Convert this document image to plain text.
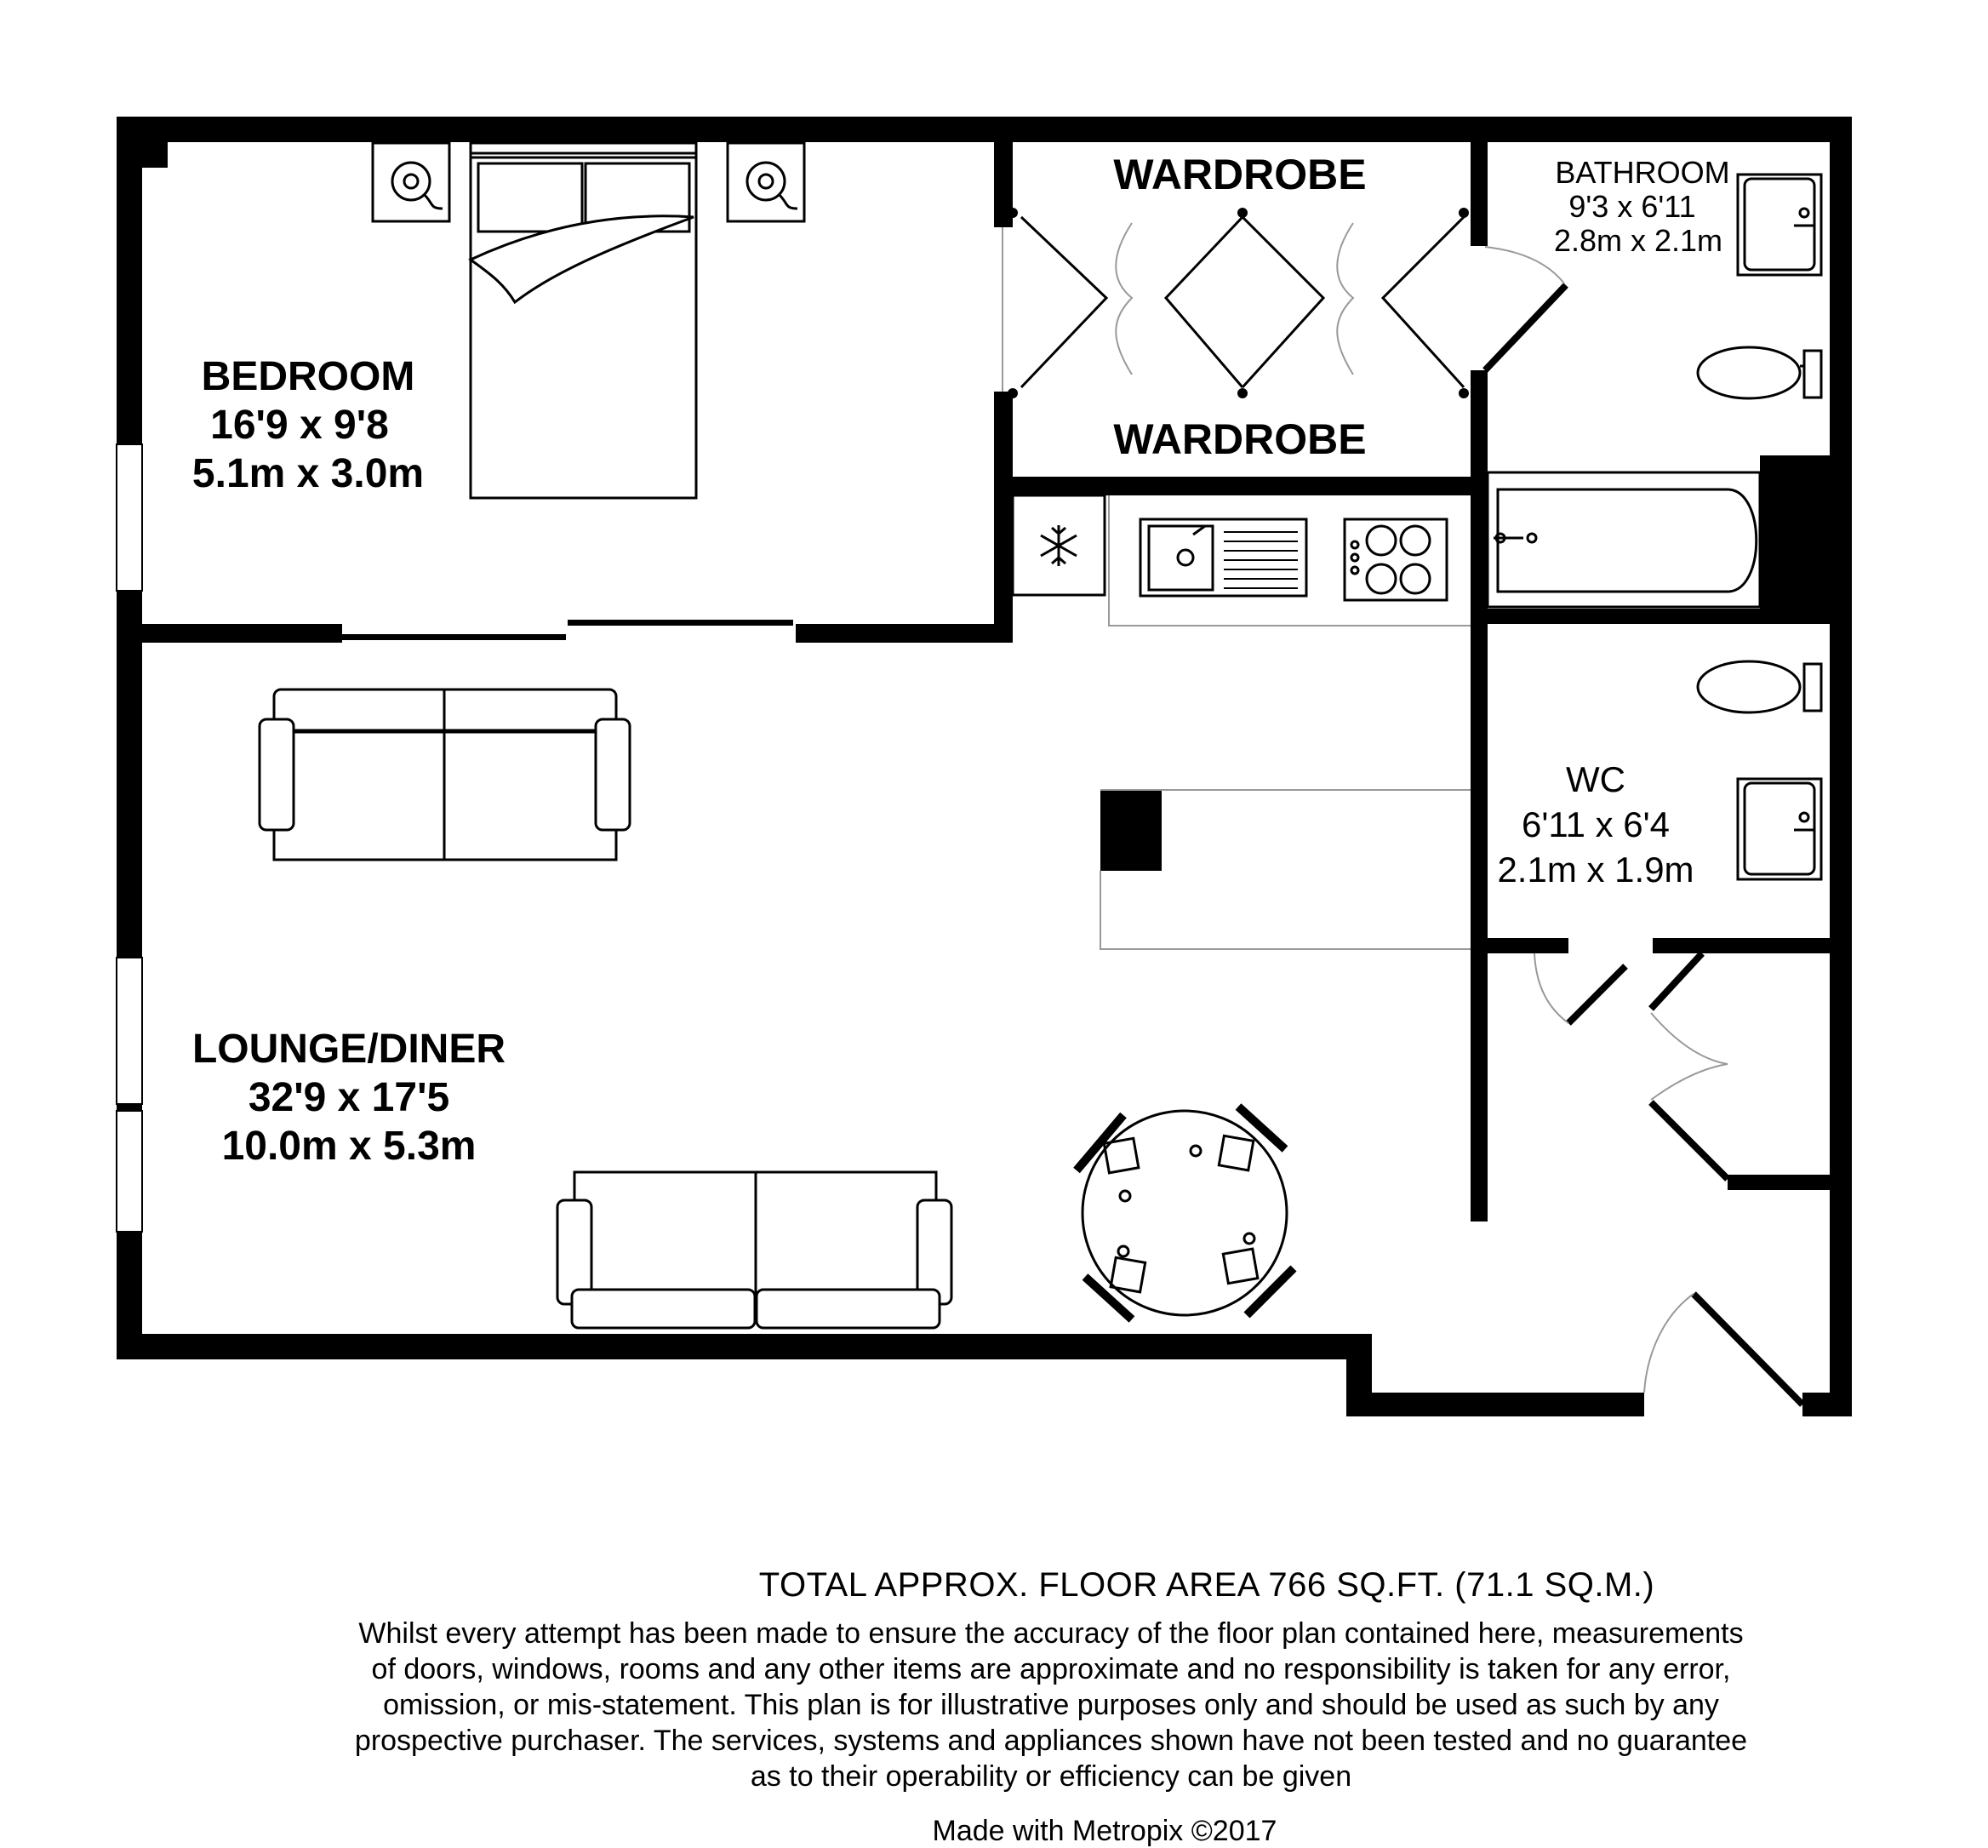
BEDROOM
16'9 x 9'8
5.1m x 3.0m
WARDROBE
WARDROBE
BATHROOM
9'3 x 6'11
2.8m x 2.1m
WC
6'11 x 6'4
2.1m x 1.9m
LOUNGE/DINER
32'9 x 17'5
10.0m x 5.3m
TOTAL APPROX. FLOOR AREA 766 SQ.FT. (71.1 SQ.M.)
Whilst every attempt has been made to ensure the accuracy of the floor plan contained here, measurements
of doors, windows, rooms and any other items are approximate and no responsibility is taken for any error,
omission, or mis-statement. This plan is for illustrative purposes only and should be used as such by any
prospective purchaser. The services, systems and appliances shown have not been tested and no guarantee
as to their operability or efficiency can be given
Made with Metropix ©2017
